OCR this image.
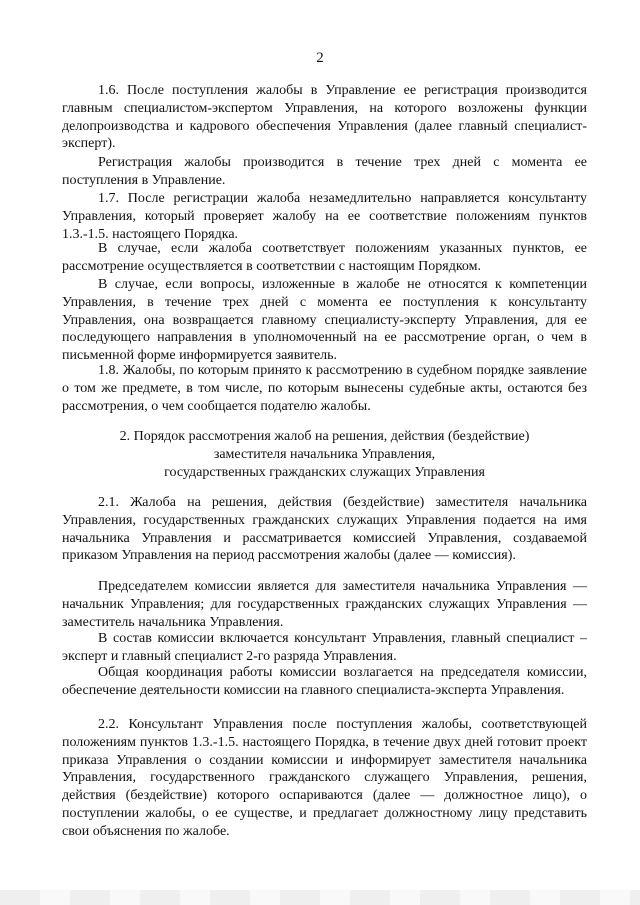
2

1.6. После поступления жалобы в Управление ее регистрация производится главным специалистом-экспертом Управления, на которого возложены функции делопроизводства и кадрового обеспечения Управления (далее главный специалист-эксперт).

Регистрация жалобы производится в течение трех дней с момента ее поступления в Управление.

1.7. После регистрации жалоба незамедлительно направляется консультанту Управления, который проверяет жалобу на ее соответствие положениям пунктов 1.3.-1.5. настоящего Порядка.

В случае, если жалоба соответствует положениям указанных пунктов, ее рассмотрение осуществляется в соответствии с настоящим Порядком.

В случае, если вопросы, изложенные в жалобе не относятся к компетенции Управления, в течение трех дней с момента ее поступления к консультанту Управления, она возвращается главному специалисту-эксперту Управления, для ее последующего направления в уполномоченный на ее рассмотрение орган, о чем в письменной форме информируется заявитель.

1.8. Жалобы, по которым принято к рассмотрению в судебном порядке заявление о том же предмете, в том числе, по которым вынесены судебные акты, остаются без рассмотрения, о чем сообщается подателю жалобы.

2. Порядок рассмотрения жалоб на решения, действия (бездействие)
заместителя начальника Управления,
государственных гражданских служащих Управления

2.1. Жалоба на решения, действия (бездействие) заместителя начальника Управления, государственных гражданских служащих Управления подается на имя начальника Управления и рассматривается комиссией Управления, создаваемой приказом Управления на период рассмотрения жалобы (далее — комиссия).

Председателем комиссии является для заместителя начальника Управления — начальник Управления; для государственных гражданских служащих Управления — заместитель начальника Управления.

В состав комиссии включается консультант Управления, главный специалист – эксперт и главный специалист 2-го разряда Управления.

Общая координация работы комиссии возлагается на председателя комиссии, обеспечение деятельности комиссии на главного специалиста-эксперта Управления.

2.2. Консультант Управления после поступления жалобы, соответствующей положениям пунктов 1.3.-1.5. настоящего Порядка, в течение двух дней готовит проект приказа Управления о создании комиссии и информирует заместителя начальника Управления, государственного гражданского служащего Управления, решения, действия (бездействие) которого оспариваются (далее — должностное лицо), о поступлении жалобы, о ее существе, и предлагает должностному лицу представить свои объяснения по жалобе.
